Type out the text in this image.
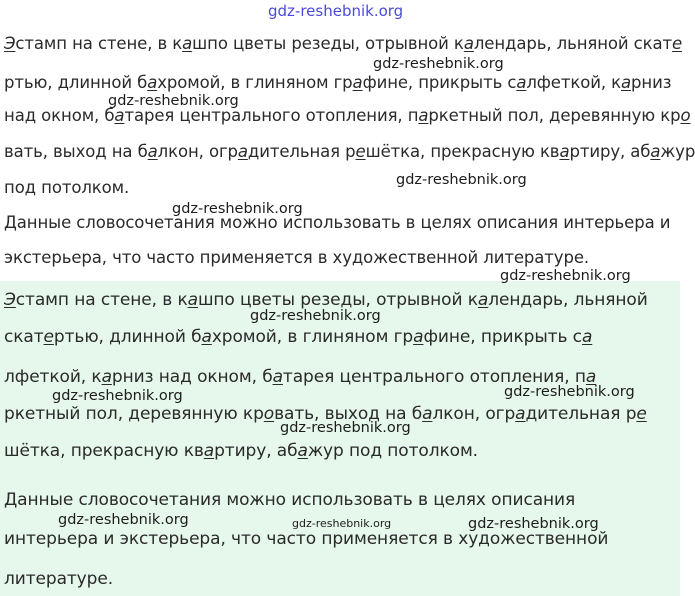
Эстамп на стене, в кашпо цветы резеды, отрывной календарь, льняной скате
ртью, длинной бахромой, в глиняном графине, прикрыть салфеткой, карниз
над окном, батарея центрального отопления, паркетный пол, деревянную кро
вать, выход на балкон, оградительная решётка, прекрасную квартиру, абажур
под потолком.
Данные словосочетания можно использовать в целях описания интерьера и
экстерьера, что часто применяется в художественной литературе.
Эстамп на стене, в кашпо цветы резеды, отрывной календарь, льняной
скатертью, длинной бахромой, в глиняном графине, прикрыть са
лфеткой, карниз над окном, батарея центрального отопления, па
ркетный пол, деревянную кровать, выход на балкон, оградительная ре
шётка, прекрасную квартиру, абажур под потолком.
Данные словосочетания можно использовать в целях описания
интерьера и экстерьера, что часто применяется в художественной
литературе.
gdz-reshebnik.org
gdz-reshebnik.org
gdz-reshebnik.org
gdz-reshebnik.org
gdz-reshebnik.org
gdz-reshebnik.org
gdz-reshebnik.org
gdz-reshebnik.org
gdz-reshebnik.org
gdz-reshebnik.org
gdz-reshebnik.org	gdz-reshebnik.org	gdz-reshebnik.org
